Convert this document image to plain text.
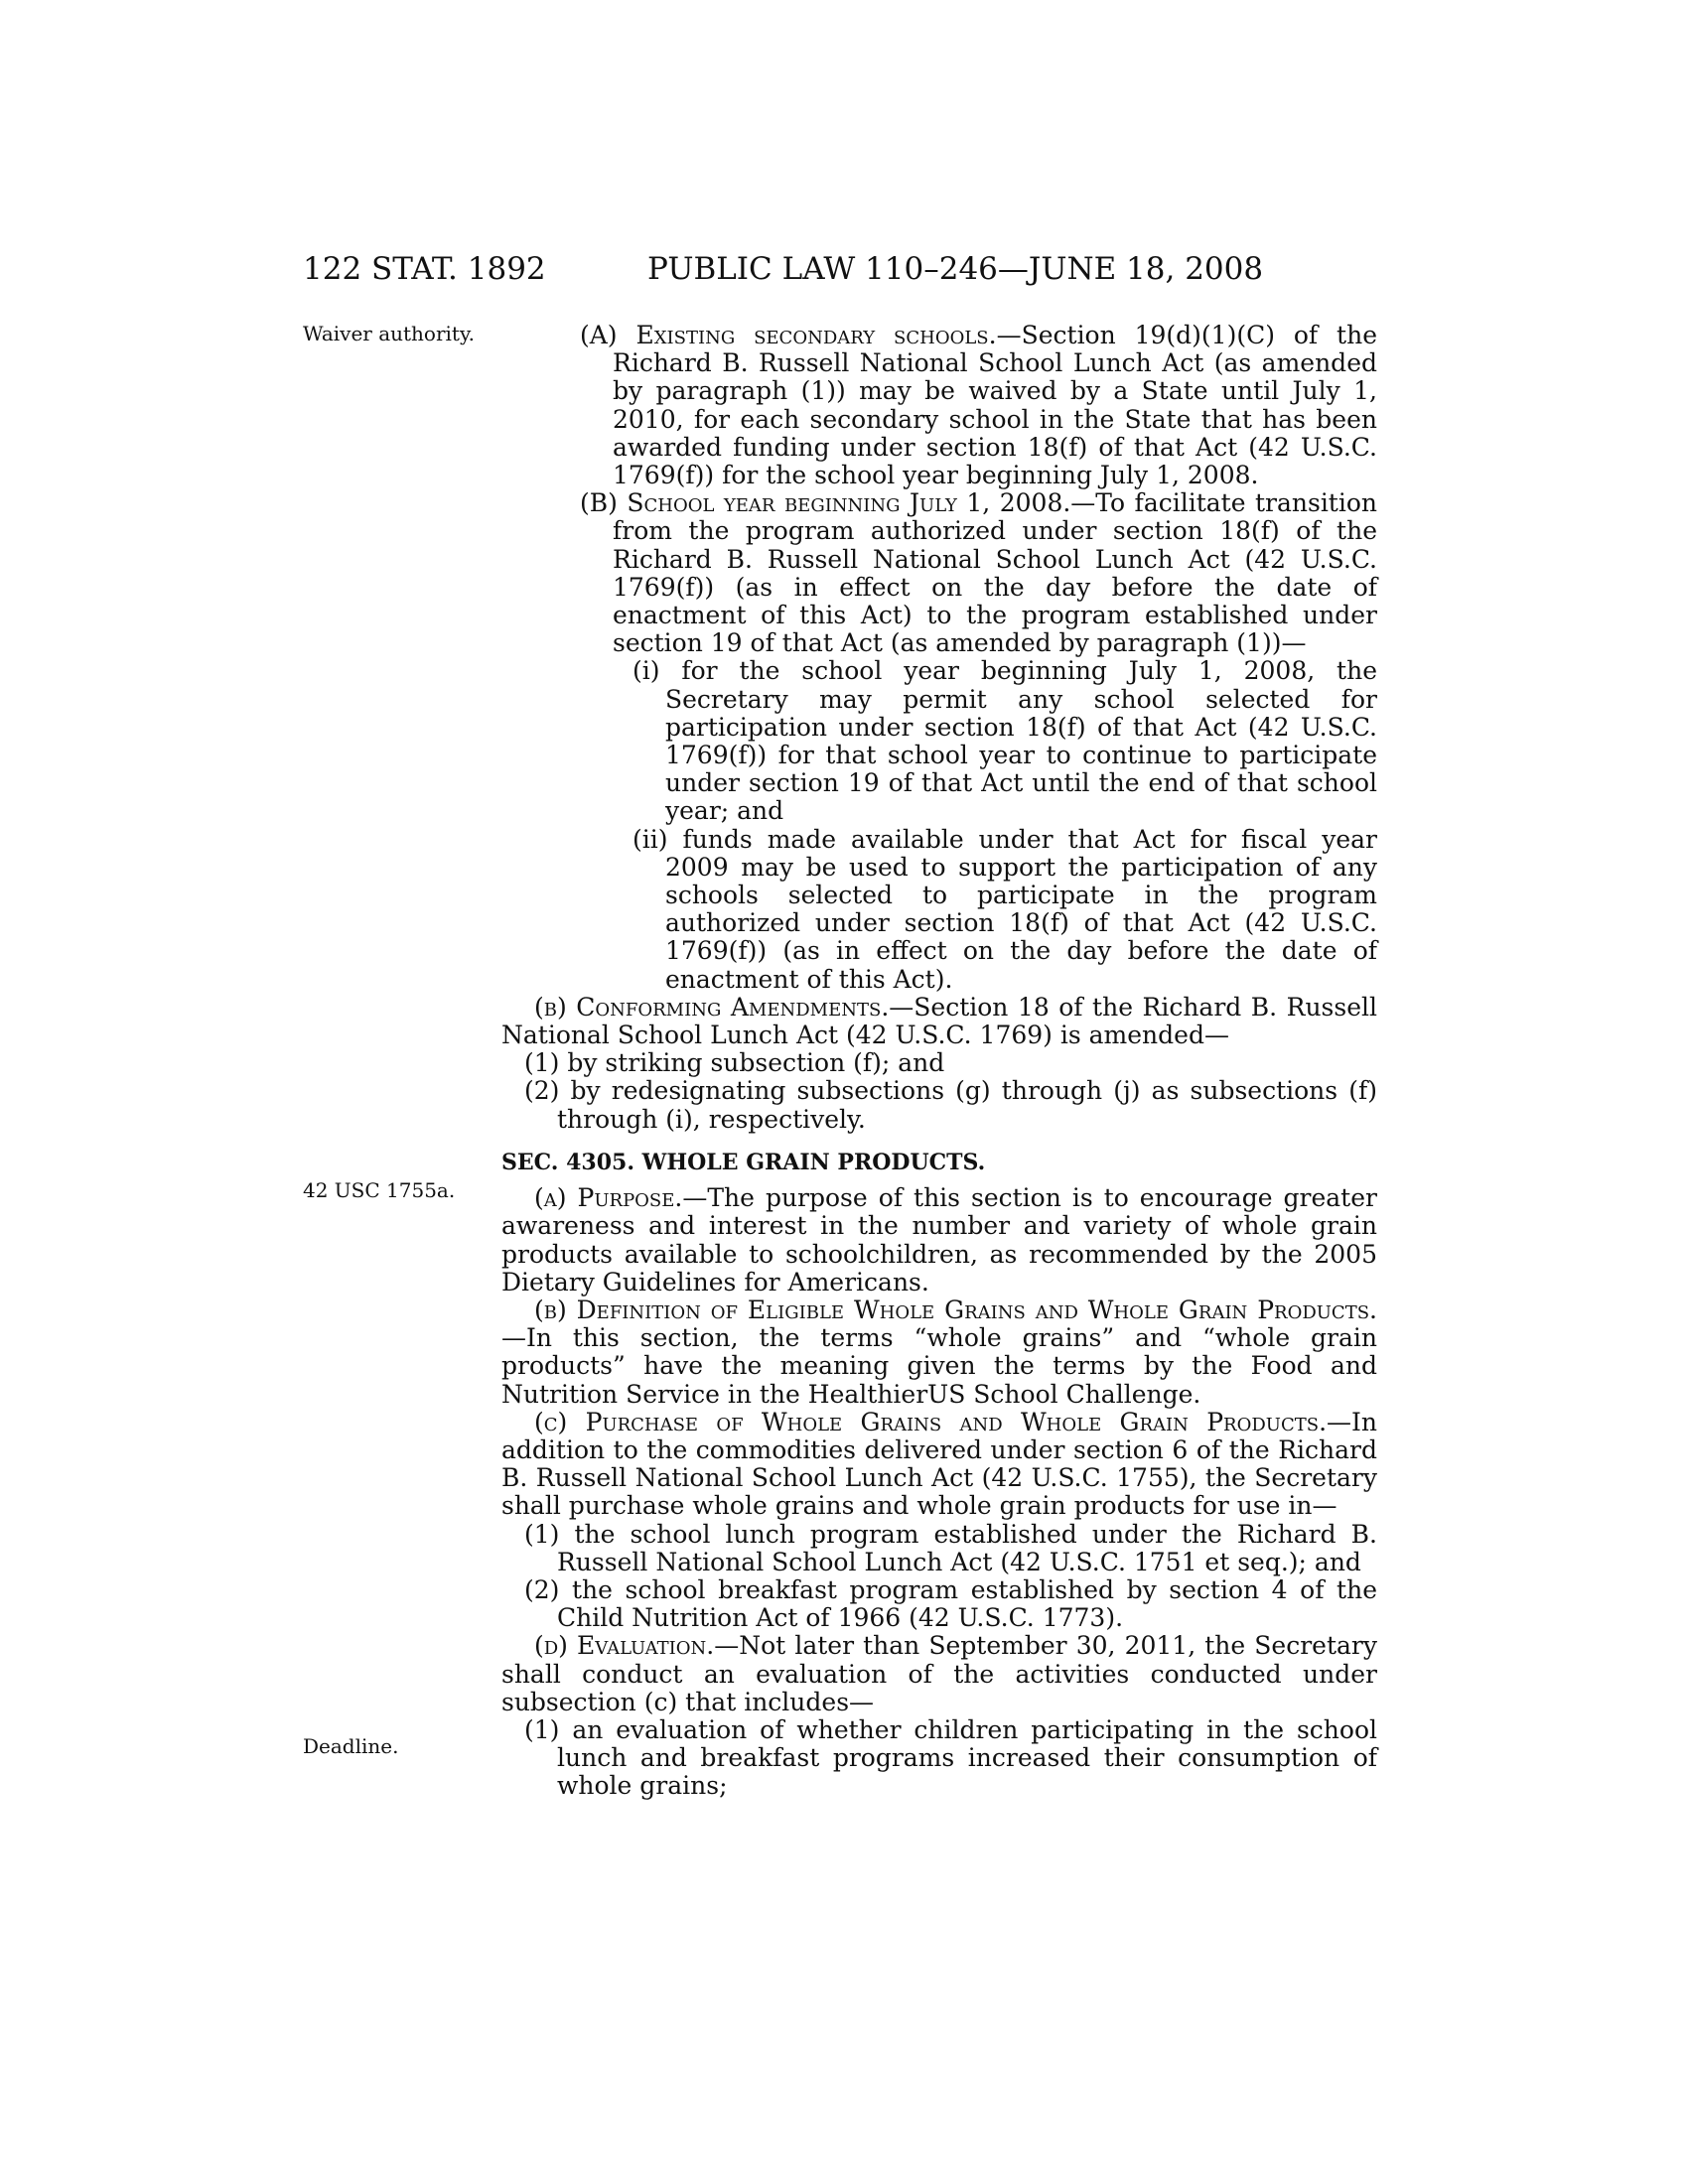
122 STAT. 1892	PUBLIC LAW 110–246—JUNE 18, 2008
Waiver authority.
42 USC 1755a.
Deadline.

(A) Existing secondary schools.—Section 19(d)(1)(C) of the Richard B. Russell National School Lunch Act (as amended by paragraph (1)) may be waived by a State until July 1, 2010, for each secondary school in the State that has been awarded funding under section 18(f) of that Act (42 U.S.C. 1769(f)) for the school year beginning July 1, 2008.

(B) School year beginning July 1, 2008.—To facilitate transition from the program authorized under section 18(f) of the Richard B. Russell National School Lunch Act (42 U.S.C. 1769(f)) (as in effect on the day before the date of enactment of this Act) to the program established under section 19 of that Act (as amended by paragraph (1))—

(i) for the school year beginning July 1, 2008, the Secretary may permit any school selected for participation under section 18(f) of that Act (42 U.S.C. 1769(f)) for that school year to continue to participate under section 19 of that Act until the end of that school year; and

(ii) funds made available under that Act for fiscal year 2009 may be used to support the participation of any schools selected to participate in the program authorized under section 18(f) of that Act (42 U.S.C. 1769(f)) (as in effect on the day before the date of enactment of this Act).

(b) Conforming Amendments.—Section 18 of the Richard B. Russell National School Lunch Act (42 U.S.C. 1769) is amended—

(1) by striking subsection (f); and

(2) by redesignating subsections (g) through (j) as subsections (f) through (i), respectively.

SEC. 4305. WHOLE GRAIN PRODUCTS.

(a) Purpose.—The purpose of this section is to encourage greater awareness and interest in the number and variety of whole grain products available to schoolchildren, as recommended by the 2005 Dietary Guidelines for Americans.

(b) Definition of Eligible Whole Grains and Whole Grain Products.—In this section, the terms “whole grains” and “whole grain products” have the meaning given the terms by the Food and Nutrition Service in the HealthierUS School Challenge.

(c) Purchase of Whole Grains and Whole Grain Products.—In addition to the commodities delivered under section 6 of the Richard B. Russell National School Lunch Act (42 U.S.C. 1755), the Secretary shall purchase whole grains and whole grain products for use in—

(1) the school lunch program established under the Richard B. Russell National School Lunch Act (42 U.S.C. 1751 et seq.); and

(2) the school breakfast program established by section 4 of the Child Nutrition Act of 1966 (42 U.S.C. 1773).

(d) Evaluation.—Not later than September 30, 2011, the Secretary shall conduct an evaluation of the activities conducted under subsection (c) that includes—

(1) an evaluation of whether children participating in the school lunch and breakfast programs increased their consumption of whole grains;
